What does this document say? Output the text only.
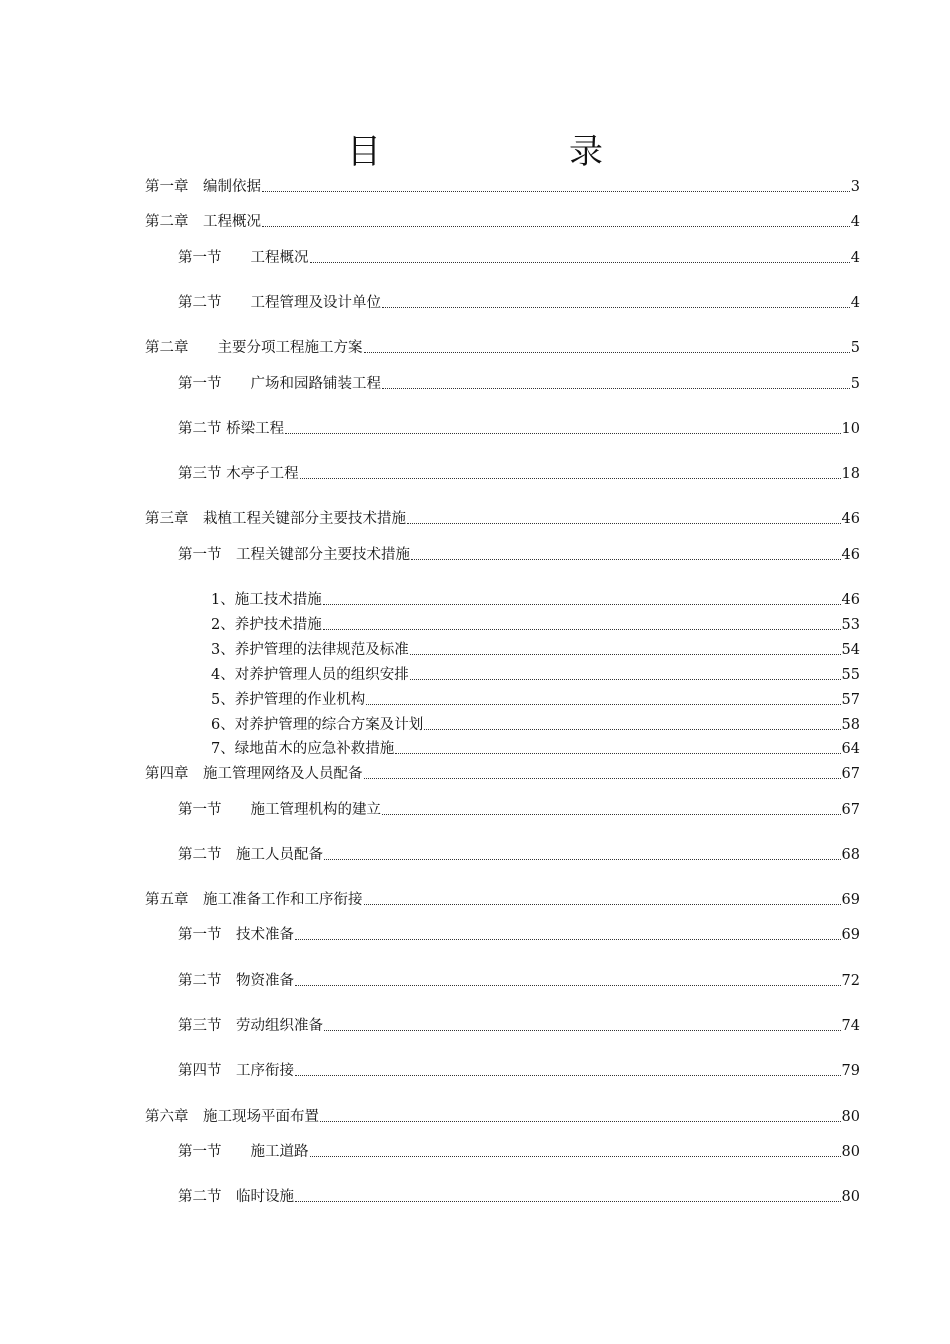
目　　录
第一章　编制依据	3
第二章　工程概况	4
第一节　　工程概况	4
第二节　　工程管理及设计单位	4
第二章　　主要分项工程施工方案	5
第一节　　广场和园路铺装工程	5
第二节 桥梁工程	10
第三节 木亭子工程	18
第三章　栽植工程关键部分主要技术措施	46
第一节　工程关键部分主要技术措施	46
1、施工技术措施	46
2、养护技术措施	53
3、养护管理的法律规范及标准	54
4、对养护管理人员的组织安排	55
5、养护管理的作业机构	57
6、对养护管理的综合方案及计划	58
7、绿地苗木的应急补救措施	64
第四章　施工管理网络及人员配备	67
第一节　　施工管理机构的建立	67
第二节　施工人员配备	68
第五章　施工准备工作和工序衔接	69
第一节　技术准备	69
第二节　物资准备	72
第三节　劳动组织准备	74
第四节　工序衔接	79
第六章　施工现场平面布置	80
第一节　　施工道路	80
第二节　临时设施	80
